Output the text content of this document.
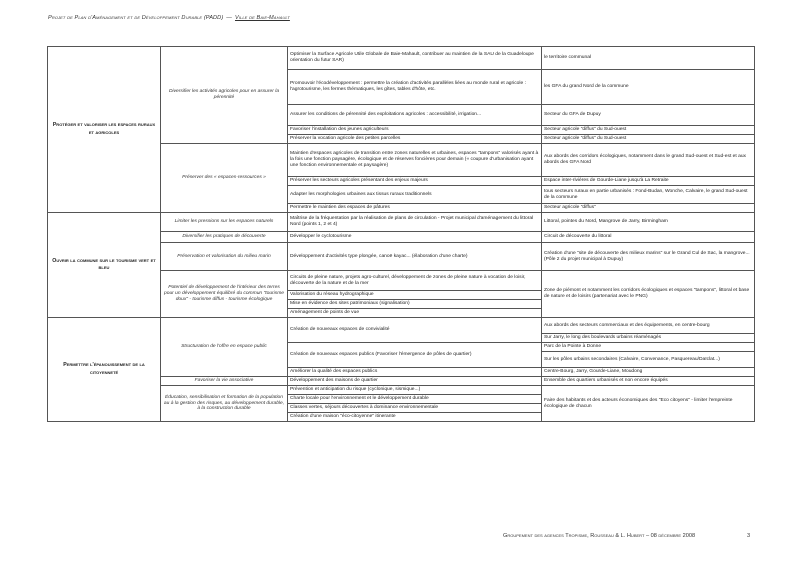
Projet de Plan d'Aménagement et de Développement Durable (PADD) — Ville de Baie-Mahault
Protéger et valoriser les espaces ruraux et agricoles	Diversifier les activités agricoles pour en assurer la pérennité	Optimiser la Surface Agricole Utile Globale de Baie-Mahault, contribuer au maintien de la SAU de la Guadeloupe orientation du futur SAR)	le territoire communal
		Promouvoir l'écodéveloppement : permettre la création d'activités parallèles liées au monde rural et agricole : l'agrotourisme, les fermes thématiques, les gîtes, tables d'hôte, etc.	les GFA du grand Nord de la commune
		Assurer les conditions de pérennité des exploitations agricoles : accessibilité, irrigation...	Secteur du GFA de Dupuy
		Favoriser l'installation des jeunes agriculteurs	Secteur agricole "diffus" du Sud-ouest
		Préserver la vocation agricole des petites parcelles	Secteur agricole "diffus" du Sud-ouest
	Préserver des « espaces-ressources »	Maintien d'espaces agricoles de transition entre zones naturelles et urbaines, espaces "tampons" valorisés ayant à la fois une fonction paysagère, écologique et de réserves foncières pour demain (« coupure d'urbanisation ayant une fonction environnementale et paysagère)	Aux abords des corridors écologiques, notamment dans le grand Sud-ouest et Sud-est et aux abords des GFA Nord
		Préserver les secteurs agricoles présentant des enjeux majeurs	Espace inter-rivières de Gourde-Liane jusqu'à La Retraite
		Adapter les morphologies urbaines aux tissus ruraux traditionnels	tous secteurs ruraux en partie urbanisés : Fond-Budan, Wonche, Calvaire, le grand Sud-ouest de la commune
		Permettre le maintien des espaces de pâtures	Secteur agricole "diffus"
Ouvrir la commune sur le tourisme vert et bleu	Limiter les pressions sur les espaces naturels	Maîtrise de la fréquentation par la réalisation de plans de circulation - Projet municipal d'aménagement du littoral Nord (points 1, 2 et 4)	Littoral, pointes du Nord, Mangrove de Jarry, Birmingham
	Diversifier les pratiques de découverte	Développer le cyclotourisme	Circuit de découverte du littoral
	Préservation et valorisation du milieu marin	Développement d'activités type plongée, canoë kayac... (élaboration d'une charte)	Création d'une "site de découverte des milieux marins" sur le Grand Cul de Sac, la mangrove... (Pôle 2 du projet municipal à Dupuy)
	Potentiel de développement de l'intérieur des terres pour un développement équilibré du commun "tourisme doux" - tourisme diffus - tourisme écologique	Circuits de pleine nature, projets agro-culturel, développement de zones de pleine nature à vocation de loisir, découverte de la nature et de la mer	Zone de piémont et notamment les corridors écologiques et espaces "tampons", littoral et base de nature et de loisirs (partenariat avec le PNG)
		Valorisation du réseau hydrographique	
		Mise en évidence des sites patrimoniaux (signalisation)	
		Aménagement de points de vue	
Permettre l'épanouissement de la citoyenneté	Structuration de l'offre en espace public	Création de nouveaux espaces de convivialité	Aux abords des secteurs commerciaux et des équipements, en centre-bourg
			Sur Jarry, le long des boulevards urbains réaménagés
		Création de nouveaux espaces publics (Favoriser l'émergence de pôles de quartier)	Parc de la Pointe à Donne
			Sur les pôles urbains secondaires (Calvaire, Convenance, Pasquereau/Daïclat...)
		Améliorer la qualité des espaces publics	Centre-Bourg, Jarry, Gourde-Liane, Moudong
	Favoriser la vie associative	Développement des maisons de quartier	Ensemble des quartiers urbanisés et non encore équipés
	Éducation, sensibilisation et formation de la population au à la gestion des risques, au développement durable, à la construction durable	Prévention et anticipation du risque (cyclonique, sismique...)	Faire des habitants et des acteurs économiques des "Eco citoyens" - limiter l'empreinte écologique de chacun
		Charte locale pour l'environnement et le développement durable	
		Classes vertes, séjours découvertes à dominance environnementale	
		Création d'une maison "éco-citoyenne" itinerante	
Groupement des agences Tropisme, Rousseau & L. Hubert – 08 décembre 2008	3
